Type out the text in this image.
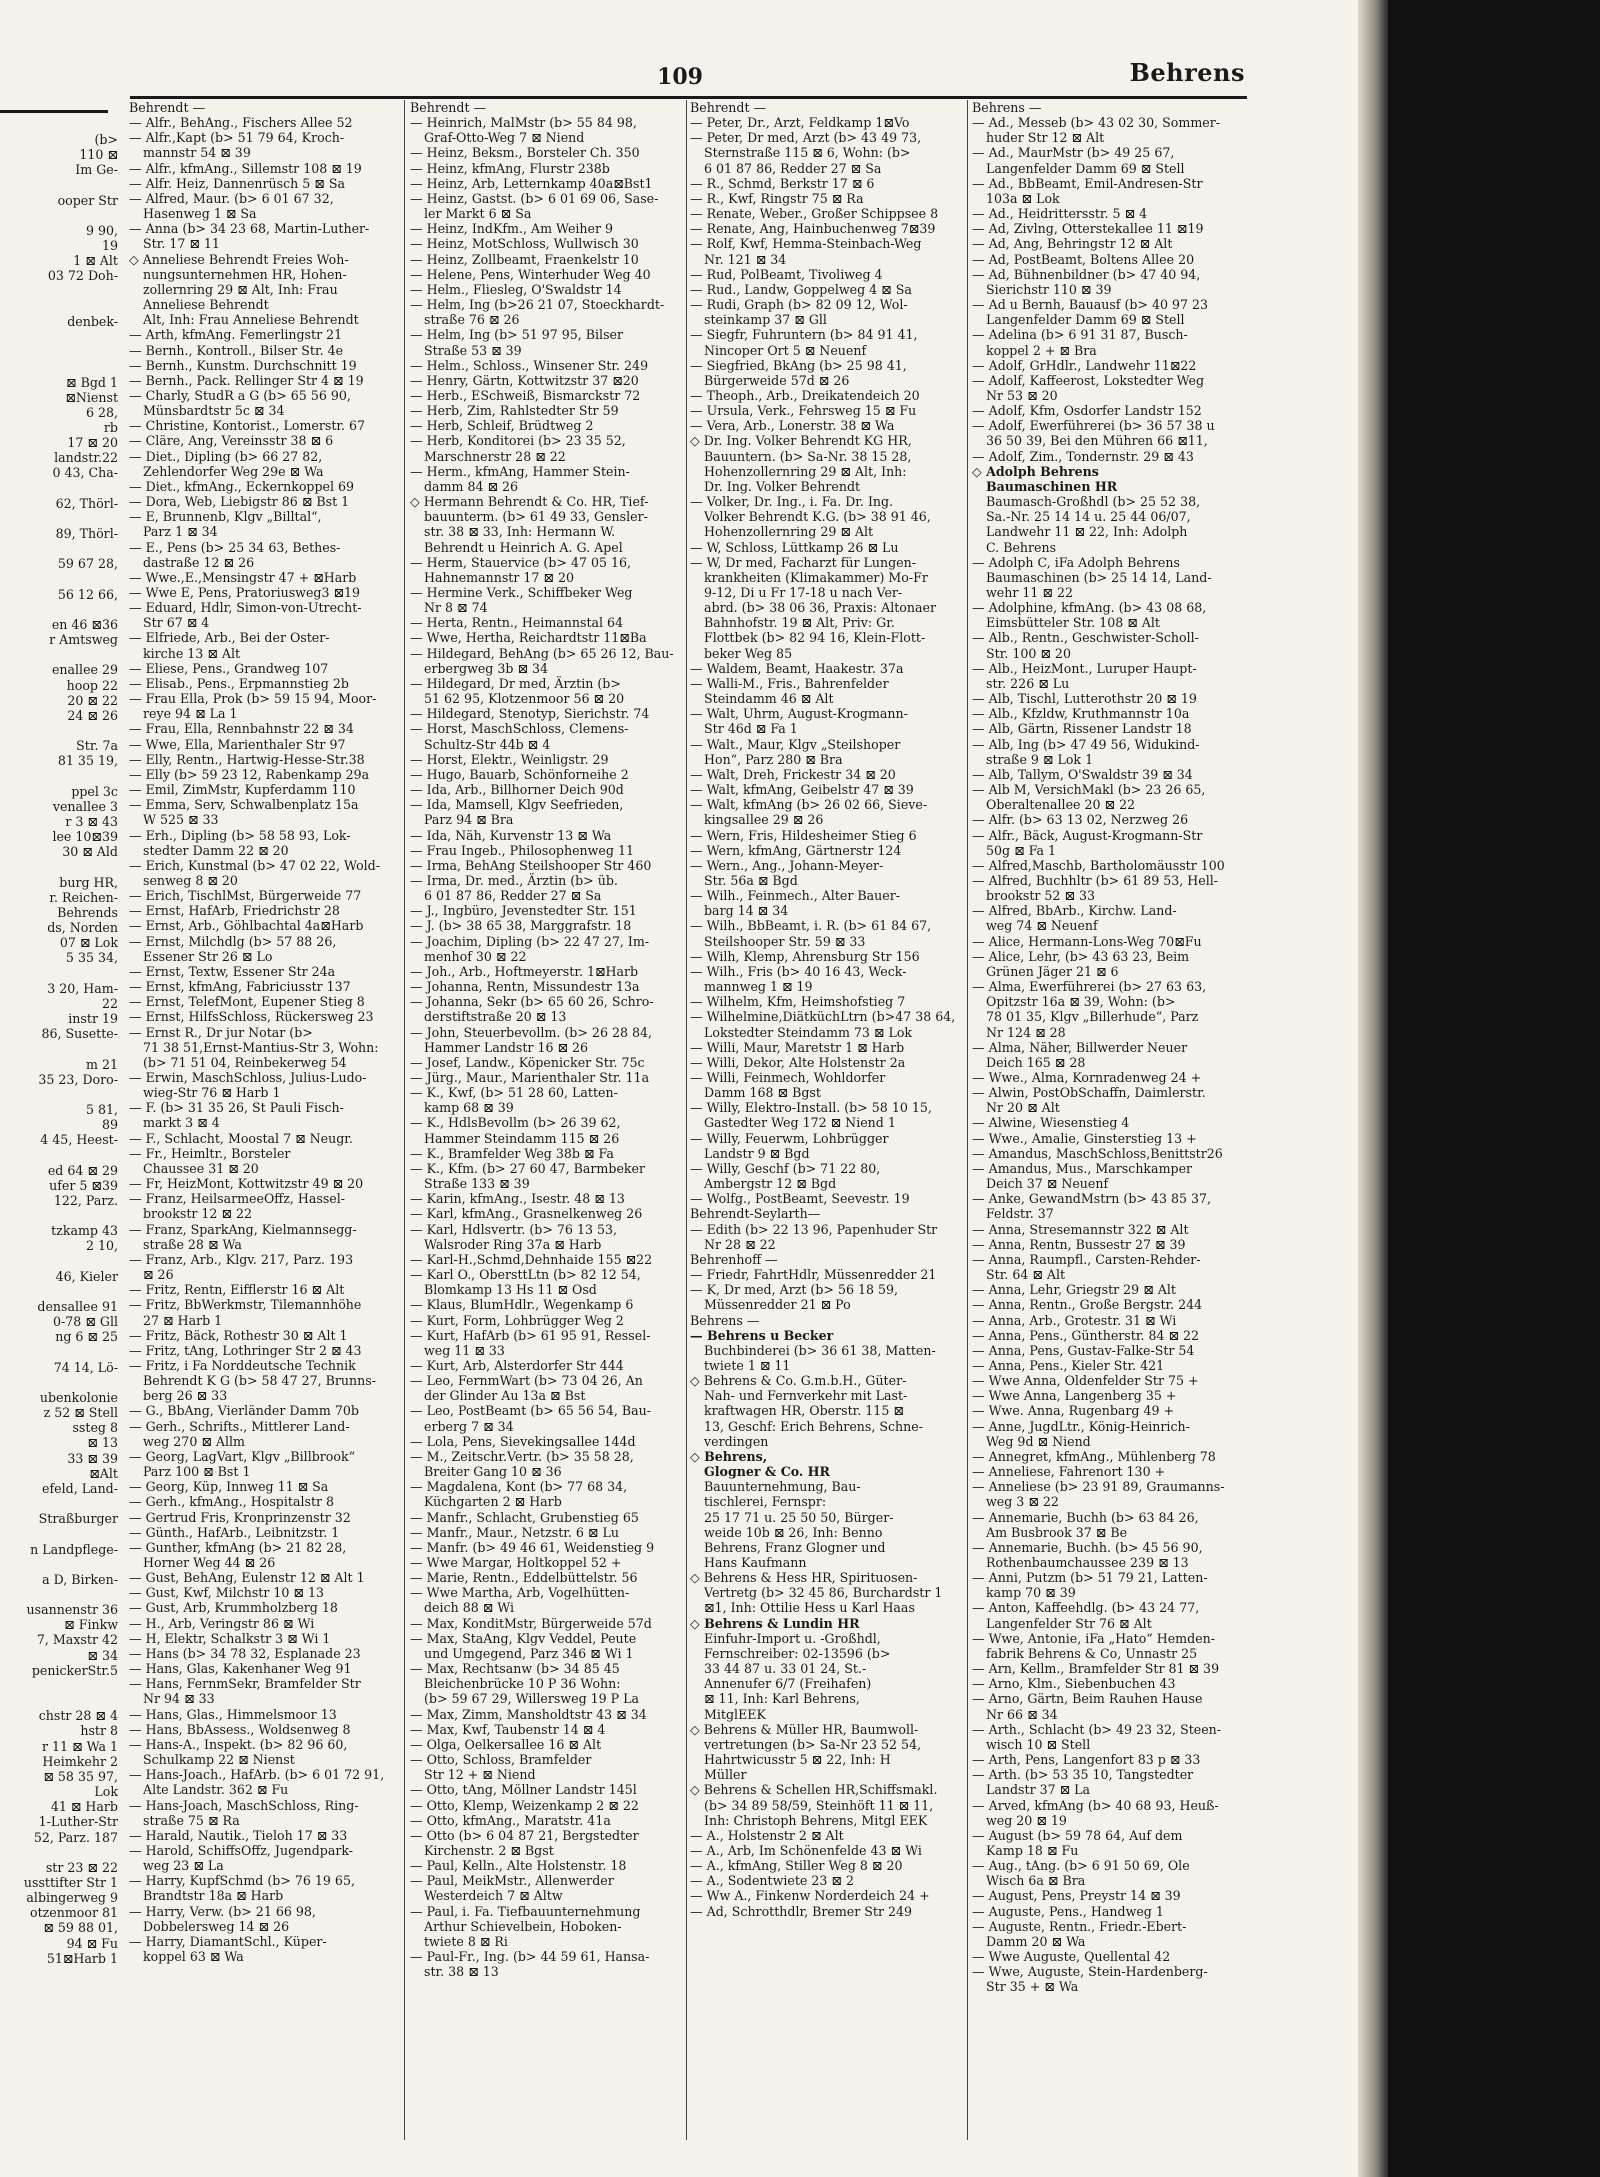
109	Behrens
(b>
110 ⊠
Im Ge-

ooper Str

9 90,
19
1 ⊠ Alt
03 72 Doh-

denbek-

⊠ Bgd 1
⊠Nienst
6 28,
rb
17 ⊠ 20
landstr.22
0 43, Cha-

62, Thörl-

89, Thörl-

59 67 28,

56 12 66,

en 46 ⊠36
r Amtsweg

enallee 29
hoop 22
20 ⊠ 22
24 ⊠ 26

Str. 7a
81 35 19,

ppel 3c
venallee 3
r 3 ⊠ 43
lee 10⊠39
30 ⊠ Ald

burg HR,
r. Reichen-
Behrends
ds, Norden
07 ⊠ Lok
5 35 34,

3 20, Ham-
22
instr 19
86, Susette-

m 21
35 23, Doro-

5 81,
89
4 45, Heest-

ed 64 ⊠ 29
ufer 5 ⊠39
122, Parz.

tzkamp 43
2 10,

46, Kieler

densallee 91
0-78 ⊠ Gll
ng 6 ⊠ 25

74 14, Lö-

ubenkolonie
z 52 ⊠ Stell
ssteg 8
⊠ 13
33 ⊠ 39
⊠Alt
efeld, Land-

Straßburger

n Landpflege-

a D, Birken-

usannenstr 36
⊠ Finkw
7, Maxstr 42
⊠ 34
penickerStr.5

chstr 28 ⊠ 4
hstr 8
r 11 ⊠ Wa 1
Heimkehr 2
⊠ 58 35 97,
Lok
41 ⊠ Harb
1-Luther-Str
52, Parz. 187

str 23 ⊠ 22
ussttifter Str 1
albingerweg 9
otzenmoor 81
⊠ 59 88 01,
94 ⊠ Fu
51⊠Harb 1
Behrendt —
— Alfr., BehAng., Fischers Allee 52
— Alfr.,Kapt (b> 51 79 64, Kroch-
mannstr 54 ⊠ 39
— Alfr., kfmAng., Sillemstr 108 ⊠ 19
— Alfr. Heiz, Dannenrüsch 5 ⊠ Sa
— Alfred, Maur. (b> 6 01 67 32,
Hasenweg 1 ⊠ Sa
— Anna (b> 34 23 68, Martin-Luther-
Str. 17 ⊠ 11
◇ Anneliese Behrendt Freies Woh-
nungsunternehmen HR, Hohen-
zollernring 29 ⊠ Alt, Inh: Frau
Anneliese Behrendt
Alt, Inh: Frau Anneliese Behrendt
— Arth, kfmAng. Femerlingstr 21
— Bernh., Kontroll., Bilser Str. 4e
— Bernh., Kunstm. Durchschnitt 19
— Bernh., Pack. Rellinger Str 4 ⊠ 19
— Charly, StudR a G (b> 65 56 90,
Münsbardtstr 5c ⊠ 34
— Christine, Kontorist., Lomerstr. 67
— Cläre, Ang, Vereinsstr 38 ⊠ 6
— Diet., Dipling (b> 66 27 82,
Zehlendorfer Weg 29e ⊠ Wa
— Diet., kfmAng., Eckernkoppel 69
— Dora, Web, Liebigstr 86 ⊠ Bst 1
— E, Brunnenb, Klgv „Billtal“,
Parz 1 ⊠ 34
— E., Pens (b> 25 34 63, Bethes-
dastraße 12 ⊠ 26
— Wwe.,E.,Mensingstr 47 + ⊠Harb
— Wwe E, Pens, Pratoriusweg3 ⊠19
— Eduard, Hdlr, Simon-von-Utrecht-
Str 67 ⊠ 4
— Elfriede, Arb., Bei der Oster-
kirche 13 ⊠ Alt
— Eliese, Pens., Grandweg 107
— Elisab., Pens., Erpmannstieg 2b
— Frau Ella, Prok (b> 59 15 94, Moor-
reye 94 ⊠ La 1
— Frau, Ella, Rennbahnstr 22 ⊠ 34
— Wwe, Ella, Marienthaler Str 97
— Elly, Rentn., Hartwig-Hesse-Str.38
— Elly (b> 59 23 12, Rabenkamp 29a
— Emil, ZimMstr, Kupferdamm 110
— Emma, Serv, Schwalbenplatz 15a
W 525 ⊠ 33
— Erh., Dipling (b> 58 58 93, Lok-
stedter Damm 22 ⊠ 20
— Erich, Kunstmal (b> 47 02 22, Wold-
senweg 8 ⊠ 20
— Erich, TischlMst, Bürgerweide 77
— Ernst, HafArb, Friedrichstr 28
— Ernst, Arb., Göhlbachtal 4a⊠Harb
— Ernst, Milchdlg (b> 57 88 26,
Essener Str 26 ⊠ Lo
— Ernst, Textw, Essener Str 24a
— Ernst, kfmAng, Fabriciusstr 137
— Ernst, TelefMont, Eupener Stieg 8
— Ernst, HilfsSchloss, Rückersweg 23
— Ernst R., Dr jur Notar (b>
71 38 51,Ernst-Mantius-Str 3, Wohn:
(b> 71 51 04, Reinbekerweg 54
— Erwin, MaschSchloss, Julius-Ludo-
wieg-Str 76 ⊠ Harb 1
— F. (b> 31 35 26, St Pauli Fisch-
markt 3 ⊠ 4
— F., Schlacht, Moostal 7 ⊠ Neugr.
— Fr., Heimltr., Borsteler
Chaussee 31 ⊠ 20
— Fr, HeizMont, Kottwitzstr 49 ⊠ 20
— Franz, HeilsarmeeOffz, Hassel-
brookstr 12 ⊠ 22
— Franz, SparkAng, Kielmannsegg-
straße 28 ⊠ Wa
— Franz, Arb., Klgv. 217, Parz. 193
⊠ 26
— Fritz, Rentn, Eifflerstr 16 ⊠ Alt
— Fritz, BbWerkmstr, Tilemannhöhe
27 ⊠ Harb 1
— Fritz, Bäck, Rothestr 30 ⊠ Alt 1
— Fritz, tAng, Lothringer Str 2 ⊠ 43
— Fritz, i Fa Norddeutsche Technik
Behrendt K G (b> 58 47 27, Brunns-
berg 26 ⊠ 33
— G., BbAng, Vierländer Damm 70b
— Gerh., Schrifts., Mittlerer Land-
weg 270 ⊠ Allm
— Georg, LagVart, Klgv „Billbrook“
Parz 100 ⊠ Bst 1
— Georg, Küp, Innweg 11 ⊠ Sa
— Gerh., kfmAng., Hospitalstr 8
— Gertrud Fris, Kronprinzenstr 32
— Günth., HafArb., Leibnitzstr. 1
— Gunther, kfmAng (b> 21 82 28,
Horner Weg 44 ⊠ 26
— Gust, BehAng, Eulenstr 12 ⊠ Alt 1
— Gust, Kwf, Milchstr 10 ⊠ 13
— Gust, Arb, Krummholzberg 18
— H., Arb, Veringstr 86 ⊠ Wi
— H, Elektr, Schalkstr 3 ⊠ Wi 1
— Hans (b> 34 78 32, Esplanade 23
— Hans, Glas, Kakenhaner Weg 91
— Hans, FernmSekr, Bramfelder Str
Nr 94 ⊠ 33
— Hans, Glas., Himmelsmoor 13
— Hans, BbAssess., Woldsenweg 8
— Hans-A., Inspekt. (b> 82 96 60,
Schulkamp 22 ⊠ Nienst
— Hans-Joach., HafArb. (b> 6 01 72 91,
Alte Landstr. 362 ⊠ Fu
— Hans-Joach, MaschSchloss, Ring-
straße 75 ⊠ Ra
— Harald, Nautik., Tieloh 17 ⊠ 33
— Harold, SchiffsOffz, Jugendpark-
weg 23 ⊠ La
— Harry, KupfSchmd (b> 76 19 65,
Brandtstr 18a ⊠ Harb
— Harry, Verw. (b> 21 66 98,
Dobbelersweg 14 ⊠ 26
— Harry, DiamantSchl., Küper-
koppel 63 ⊠ Wa
Behrendt —
— Heinrich, MalMstr (b> 55 84 98,
Graf-Otto-Weg 7 ⊠ Niend
— Heinz, Beksm., Borsteler Ch. 350
— Heinz, kfmAng, Flurstr 238b
— Heinz, Arb, Letternkamp 40a⊠Bst1
— Heinz, Gastst. (b> 6 01 69 06, Sase-
ler Markt 6 ⊠ Sa
— Heinz, IndKfm., Am Weiher 9
— Heinz, MotSchloss, Wullwisch 30
— Heinz, Zollbeamt, Fraenkelstr 10
— Helene, Pens, Winterhuder Weg 40
— Helm., Fliesleg, O'Swaldstr 14
— Helm, Ing (b>26 21 07, Stoeckhardt-
straße 76 ⊠ 26
— Helm, Ing (b> 51 97 95, Bilser
Straße 53 ⊠ 39
— Helm., Schloss., Winsener Str. 249
— Henry, Gärtn, Kottwitzstr 37 ⊠20
— Herb., ESchweiß, Bismarckstr 72
— Herb, Zim, Rahlstedter Str 59
— Herb, Schleif, Brüdtweg 2
— Herb, Konditorei (b> 23 35 52,
Marschnerstr 28 ⊠ 22
— Herm., kfmAng, Hammer Stein-
damm 84 ⊠ 26
◇ Hermann Behrendt & Co. HR, Tief-
bauunterm. (b> 61 49 33, Gensler-
str. 38 ⊠ 33, Inh: Hermann W.
Behrendt u Heinrich A. G. Apel
— Herm, Stauervice (b> 47 05 16,
Hahnemannstr 17 ⊠ 20
— Hermine Verk., Schiffbeker Weg
Nr 8 ⊠ 74
— Herta, Rentn., Heimannstal 64
— Wwe, Hertha, Reichardtstr 11⊠Ba
— Hildegard, BehAng (b> 65 26 12, Bau-
erbergweg 3b ⊠ 34
— Hildegard, Dr med, Ärztin (b>
51 62 95, Klotzenmoor 56 ⊠ 20
— Hildegard, Stenotyp, Sierichstr. 74
— Horst, MaschSchloss, Clemens-
Schultz-Str 44b ⊠ 4
— Horst, Elektr., Weinligstr. 29
— Hugo, Bauarb, Schönforneihe 2
— Ida, Arb., Billhorner Deich 90d
— Ida, Mamsell, Klgv Seefrieden,
Parz 94 ⊠ Bra
— Ida, Näh, Kurvenstr 13 ⊠ Wa
— Frau Ingeb., Philosophenweg 11
— Irma, BehAng Steilshooper Str 460
— Irma, Dr. med., Ärztin (b> üb.
6 01 87 86, Redder 27 ⊠ Sa
— J., Ingbüro, Jevenstedter Str. 151
— J. (b> 38 65 38, Marggrafstr. 18
— Joachim, Dipling (b> 22 47 27, Im-
menhof 30 ⊠ 22
— Joh., Arb., Hoftmeyerstr. 1⊠Harb
— Johanna, Rentn, Missundestr 13a
— Johanna, Sekr (b> 65 60 26, Schro-
derstiftstraße 20 ⊠ 13
— John, Steuerbevollm. (b> 26 28 84,
Hammer Landstr 16 ⊠ 26
— Josef, Landw., Köpenicker Str. 75c
— Jürg., Maur., Marienthaler Str. 11a
— K., Kwf, (b> 51 28 60, Latten-
kamp 68 ⊠ 39
— K., HdlsBevollm (b> 26 39 62,
Hammer Steindamm 115 ⊠ 26
— K., Bramfelder Weg 38b ⊠ Fa
— K., Kfm. (b> 27 60 47, Barmbeker
Straße 133 ⊠ 39
— Karin, kfmAng., Isestr. 48 ⊠ 13
— Karl, kfmAng., Grasnelkenweg 26
— Karl, Hdlsvertr. (b> 76 13 53,
Walsroder Ring 37a ⊠ Harb
— Karl-H.,Schmd,Dehnhaide 155 ⊠22
— Karl O., ObersttLtn (b> 82 12 54,
Blomkamp 13 Hs 11 ⊠ Osd
— Klaus, BlumHdlr., Wegenkamp 6
— Kurt, Form, Lohbrügger Weg 2
— Kurt, HafArb (b> 61 95 91, Ressel-
weg 11 ⊠ 33
— Kurt, Arb, Alsterdorfer Str 444
— Leo, FernmWart (b> 73 04 26, An
der Glinder Au 13a ⊠ Bst
— Leo, PostBeamt (b> 65 56 54, Bau-
erberg 7 ⊠ 34
— Lola, Pens, Sievekingsallee 144d
— M., Zeitschr.Vertr. (b> 35 58 28,
Breiter Gang 10 ⊠ 36
— Magdalena, Kont (b> 77 68 34,
Küchgarten 2 ⊠ Harb
— Manfr., Schlacht, Grubenstieg 65
— Manfr., Maur., Netzstr. 6 ⊠ Lu
— Manfr. (b> 49 46 61, Weidenstieg 9
— Wwe Margar, Holtkoppel 52 +
— Marie, Rentn., Eddelbüttelstr. 56
— Wwe Martha, Arb, Vogelhütten-
deich 88 ⊠ Wi
— Max, KonditMstr, Bürgerweide 57d
— Max, StaAng, Klgv Veddel, Peute
und Umgegend, Parz 346 ⊠ Wi 1
— Max, Rechtsanw (b> 34 85 45
Bleichenbrücke 10 P 36 Wohn:
(b> 59 67 29, Willersweg 19 P La
— Max, Zimm, Mansholdtstr 43 ⊠ 34
— Max, Kwf, Taubenstr 14 ⊠ 4
— Olga, Oelkersallee 16 ⊠ Alt
— Otto, Schloss, Bramfelder
Str 12 + ⊠ Niend
— Otto, tAng, Möllner Landstr 145l
— Otto, Klemp, Weizenkamp 2 ⊠ 22
— Otto, kfmAng., Maratstr. 41a
— Otto (b> 6 04 87 21, Bergstedter
Kirchenstr. 2 ⊠ Bgst
— Paul, Kelln., Alte Holstenstr. 18
— Paul, MeikMstr., Allenwerder
Westerdeich 7 ⊠ Altw
— Paul, i. Fa. Tiefbauunternehmung
Arthur Schievelbein, Hoboken-
twiete 8 ⊠ Ri
— Paul-Fr., Ing. (b> 44 59 61, Hansa-
str. 38 ⊠ 13
Behrendt —
— Peter, Dr., Arzt, Feldkamp 1⊠Vo
— Peter, Dr med, Arzt (b> 43 49 73,
Sternstraße 115 ⊠ 6, Wohn: (b>
6 01 87 86, Redder 27 ⊠ Sa
— R., Schmd, Berkstr 17 ⊠ 6
— R., Kwf, Ringstr 75 ⊠ Ra
— Renate, Weber., Großer Schippsee 8
— Renate, Ang, Hainbuchenweg 7⊠39
— Rolf, Kwf, Hemma-Steinbach-Weg
Nr. 121 ⊠ 34
— Rud, PolBeamt, Tivoliweg 4
— Rud., Landw, Goppelweg 4 ⊠ Sa
— Rudi, Graph (b> 82 09 12, Wol-
steinkamp 37 ⊠ Gll
— Siegfr, Fuhruntern (b> 84 91 41,
Nincoper Ort 5 ⊠ Neuenf
— Siegfried, BkAng (b> 25 98 41,
Bürgerweide 57d ⊠ 26
— Theoph., Arb., Dreikatendeich 20
— Ursula, Verk., Fehrsweg 15 ⊠ Fu
— Vera, Arb., Lonerstr. 38 ⊠ Wa
◇ Dr. Ing. Volker Behrendt KG HR,
Bauuntern. (b> Sa-Nr. 38 15 28,
Hohenzollernring 29 ⊠ Alt, Inh:
Dr. Ing. Volker Behrendt
— Volker, Dr. Ing., i. Fa. Dr. Ing.
Volker Behrendt K.G. (b> 38 91 46,
Hohenzollernring 29 ⊠ Alt
— W, Schloss, Lüttkamp 26 ⊠ Lu
— W, Dr med, Facharzt für Lungen-
krankheiten (Klimakammer) Mo-Fr
9-12, Di u Fr 17-18 u nach Ver-
abrd. (b> 38 06 36, Praxis: Altonaer
Bahnhofstr. 19 ⊠ Alt, Priv: Gr.
Flottbek (b> 82 94 16, Klein-Flott-
beker Weg 85
— Waldem, Beamt, Haakestr. 37a
— Walli-M., Fris., Bahrenfelder
Steindamm 46 ⊠ Alt
— Walt, Uhrm, August-Krogmann-
Str 46d ⊠ Fa 1
— Walt., Maur, Klgv „Steilshoper
Hon“, Parz 280 ⊠ Bra
— Walt, Dreh, Frickestr 34 ⊠ 20
— Walt, kfmAng, Geibelstr 47 ⊠ 39
— Walt, kfmAng (b> 26 02 66, Sieve-
kingsallee 29 ⊠ 26
— Wern, Fris, Hildesheimer Stieg 6
— Wern, kfmAng, Gärtnerstr 124
— Wern., Ang., Johann-Meyer-
Str. 56a ⊠ Bgd
— Wilh., Feinmech., Alter Bauer-
barg 14 ⊠ 34
— Wilh., BbBeamt, i. R. (b> 61 84 67,
Steilshooper Str. 59 ⊠ 33
— Wilh, Klemp, Ahrensburg Str 156
— Wilh., Fris (b> 40 16 43, Weck-
mannweg 1 ⊠ 19
— Wilhelm, Kfm, Heimshofstieg 7
— Wilhelmine,DiätküchLtrn (b>47 38 64,
Lokstedter Steindamm 73 ⊠ Lok
— Willi, Maur, Maretstr 1 ⊠ Harb
— Willi, Dekor, Alte Holstenstr 2a
— Willi, Feinmech, Wohldorfer
Damm 168 ⊠ Bgst
— Willy, Elektro-Install. (b> 58 10 15,
Gastedter Weg 172 ⊠ Niend 1
— Willy, Feuerwm, Lohbrügger
Landstr 9 ⊠ Bgd
— Willy, Geschf (b> 71 22 80,
Ambergstr 12 ⊠ Bgd
— Wolfg., PostBeamt, Seevestr. 19
Behrendt-Seylarth—
— Edith (b> 22 13 96, Papenhuder Str
Nr 28 ⊠ 22
Behrenhoff —
— Friedr, FahrtHdlr, Müssenredder 21
— K, Dr med, Arzt (b> 56 18 59,
Müssenredder 21 ⊠ Po
Behrens —
— Behrens u Becker
Buchbinderei (b> 36 61 38, Matten-
twiete 1 ⊠ 11
◇ Behrens & Co. G.m.b.H., Güter-
Nah- und Fernverkehr mit Last-
kraftwagen HR, Oberstr. 115 ⊠
13, Geschf: Erich Behrens, Schne-
verdingen
◇ Behrens,
Glogner & Co. HR
Bauunternehmung, Bau-
tischlerei, Fernspr:
25 17 71 u. 25 50 50, Bürger-
weide 10b ⊠ 26, Inh: Benno
Behrens, Franz Glogner und
Hans Kaufmann
◇ Behrens & Hess HR, Spirituosen-
Vertretg (b> 32 45 86, Burchardstr 1
⊠1, Inh: Ottilie Hess u Karl Haas
◇ Behrens & Lundin HR
Einfuhr-Import u. -Großhdl,
Fernschreiber: 02-13596 (b>
33 44 87 u. 33 01 24, St.-
Annenufer 6/7 (Freihafen)
⊠ 11, Inh: Karl Behrens,
MitglEEK
◇ Behrens & Müller HR, Baumwoll-
vertretungen (b> Sa-Nr 23 52 54,
Hahrtwicusstr 5 ⊠ 22, Inh: H
Müller
◇ Behrens & Schellen HR,Schiffsmakl.
(b> 34 89 58/59, Steinhöft 11 ⊠ 11,
Inh: Christoph Behrens, Mitgl EEK
— A., Holstenstr 2 ⊠ Alt
— A., Arb, Im Schönenfelde 43 ⊠ Wi
— A., kfmAng, Stiller Weg 8 ⊠ 20
— A., Sodentwiete 23 ⊠ 2
— Ww A., Finkenw Norderdeich 24 +
— Ad, Schrotthdlr, Bremer Str 249
Behrens —
— Ad., Messeb (b> 43 02 30, Sommer-
huder Str 12 ⊠ Alt
— Ad., MaurMstr (b> 49 25 67,
Langenfelder Damm 69 ⊠ Stell
— Ad., BbBeamt, Emil-Andresen-Str
103a ⊠ Lok
— Ad., Heidrittersstr. 5 ⊠ 4
— Ad, Zivlng, Otterstekallee 11 ⊠19
— Ad, Ang, Behringstr 12 ⊠ Alt
— Ad, PostBeamt, Boltens Allee 20
— Ad, Bühnenbildner (b> 47 40 94,
Sierichstr 110 ⊠ 39
— Ad u Bernh, Bauausf (b> 40 97 23
Langenfelder Damm 69 ⊠ Stell
— Adelina (b> 6 91 31 87, Busch-
koppel 2 + ⊠ Bra
— Adolf, GrHdlr., Landwehr 11⊠22
— Adolf, Kaffeerost, Lokstedter Weg
Nr 53 ⊠ 20
— Adolf, Kfm, Osdorfer Landstr 152
— Adolf, Ewerführerei (b> 36 57 38 u
36 50 39, Bei den Mühren 66 ⊠11,
— Adolf, Zim., Tondernstr. 29 ⊠ 43
◇ Adolph Behrens
Baumaschinen HR
Baumasch-Großhdl (b> 25 52 38,
Sa.-Nr. 25 14 14 u. 25 44 06/07,
Landwehr 11 ⊠ 22, Inh: Adolph
C. Behrens
— Adolph C, iFa Adolph Behrens
Baumaschinen (b> 25 14 14, Land-
wehr 11 ⊠ 22
— Adolphine, kfmAng. (b> 43 08 68,
Eimsbütteler Str. 108 ⊠ Alt
— Alb., Rentn., Geschwister-Scholl-
Str. 100 ⊠ 20
— Alb., HeizMont., Luruper Haupt-
str. 226 ⊠ Lu
— Alb, Tischl, Lutterothstr 20 ⊠ 19
— Alb., Kfzldw, Kruthmannstr 10a
— Alb, Gärtn, Rissener Landstr 18
— Alb, Ing (b> 47 49 56, Widukind-
straße 9 ⊠ Lok 1
— Alb, Tallym, O'Swaldstr 39 ⊠ 34
— Alb M, VersichMakl (b> 23 26 65,
Oberaltenallee 20 ⊠ 22
— Alfr. (b> 63 13 02, Nerzweg 26
— Alfr., Bäck, August-Krogmann-Str
50g ⊠ Fa 1
— Alfred,Maschb, Bartholomäusstr 100
— Alfred, Buchhltr (b> 61 89 53, Hell-
brookstr 52 ⊠ 33
— Alfred, BbArb., Kirchw. Land-
weg 74 ⊠ Neuenf
— Alice, Hermann-Lons-Weg 70⊠Fu
— Alice, Lehr, (b> 43 63 23, Beim
Grünen Jäger 21 ⊠ 6
— Alma, Ewerführerei (b> 27 63 63,
Opitzstr 16a ⊠ 39, Wohn: (b>
78 01 35, Klgv „Billerhude“, Parz
Nr 124 ⊠ 28
— Alma, Näher, Billwerder Neuer
Deich 165 ⊠ 28
— Wwe., Alma, Kornradenweg 24 +
— Alwin, PostObSchaffn, Daimlerstr.
Nr 20 ⊠ Alt
— Alwine, Wiesenstieg 4
— Wwe., Amalie, Ginsterstieg 13 +
— Amandus, MaschSchloss,Benittstr26
— Amandus, Mus., Marschkamper
Deich 37 ⊠ Neuenf
— Anke, GewandMstrn (b> 43 85 37,
Feldstr. 37
— Anna, Stresemannstr 322 ⊠ Alt
— Anna, Rentn, Bussestr 27 ⊠ 39
— Anna, Raumpfl., Carsten-Rehder-
Str. 64 ⊠ Alt
— Anna, Lehr, Griegstr 29 ⊠ Alt
— Anna, Rentn., Große Bergstr. 244
— Anna, Arb., Grotestr. 31 ⊠ Wi
— Anna, Pens., Güntherstr. 84 ⊠ 22
— Anna, Pens, Gustav-Falke-Str 54
— Anna, Pens., Kieler Str. 421
— Wwe Anna, Oldenfelder Str 75 +
— Wwe Anna, Langenberg 35 +
— Wwe. Anna, Rugenbarg 49 +
— Anne, JugdLtr., König-Heinrich-
Weg 9d ⊠ Niend
— Annegret, kfmAng., Mühlenberg 78
— Anneliese, Fahrenort 130 +
— Anneliese (b> 23 91 89, Graumanns-
weg 3 ⊠ 22
— Annemarie, Buchh (b> 63 84 26,
Am Busbrook 37 ⊠ Be
— Annemarie, Buchh. (b> 45 56 90,
Rothenbaumchaussee 239 ⊠ 13
— Anni, Putzm (b> 51 79 21, Latten-
kamp 70 ⊠ 39
— Anton, Kaffeehdlg. (b> 43 24 77,
Langenfelder Str 76 ⊠ Alt
— Wwe, Antonie, iFa „Hato“ Hemden-
fabrik Behrens & Co, Unnastr 25
— Arn, Kellm., Bramfelder Str 81 ⊠ 39
— Arno, Klm., Siebenbuchen 43
— Arno, Gärtn, Beim Rauhen Hause
Nr 66 ⊠ 34
— Arth., Schlacht (b> 49 23 32, Steen-
wisch 10 ⊠ Stell
— Arth, Pens, Langenfort 83 p ⊠ 33
— Arth. (b> 53 35 10, Tangstedter
Landstr 37 ⊠ La
— Arved, kfmAng (b> 40 68 93, Heuß-
weg 20 ⊠ 19
— August (b> 59 78 64, Auf dem
Kamp 18 ⊠ Fu
— Aug., tAng. (b> 6 91 50 69, Ole
Wisch 6a ⊠ Bra
— August, Pens, Preystr 14 ⊠ 39
— Auguste, Pens., Handweg 1
— Auguste, Rentn., Friedr.-Ebert-
Damm 20 ⊠ Wa
— Wwe Auguste, Quellental 42
— Wwe, Auguste, Stein-Hardenberg-
Str 35 + ⊠ Wa
